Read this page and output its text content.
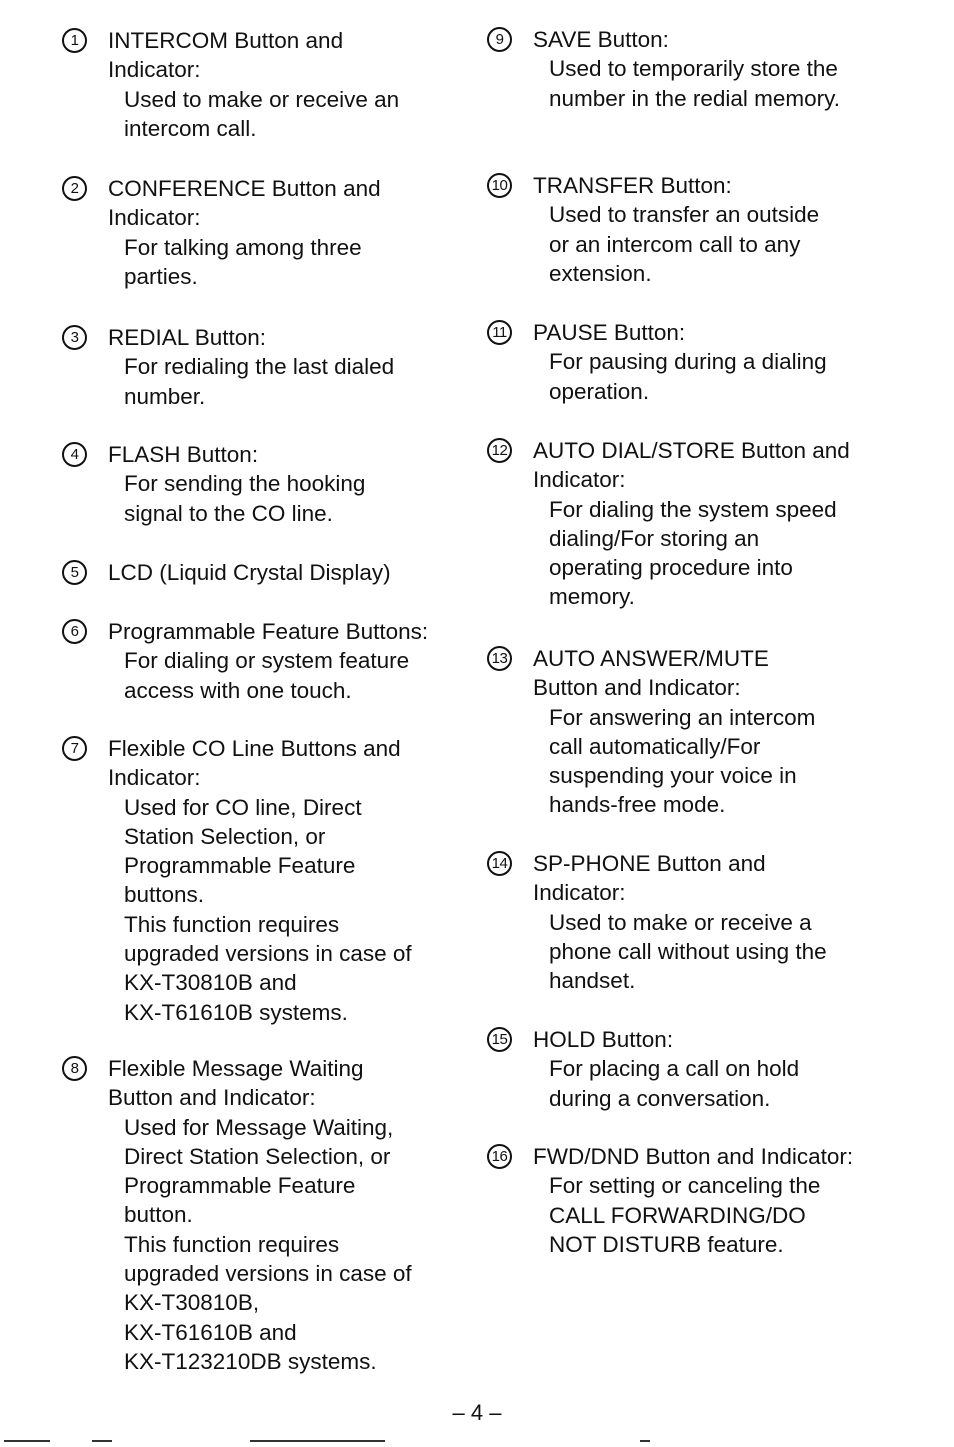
1	INTERCOM Button and
Indicator:
Used to make or receive an
intercom call.
2	CONFERENCE Button and
Indicator:
For talking among three
parties.
3	REDIAL Button:
For redialing the last dialed
number.
4	FLASH Button:
For sending the hooking
signal to the CO line.
5	LCD (Liquid Crystal Display)
6	Programmable Feature Buttons:
For dialing or system feature
access with one touch.
7	Flexible CO Line Buttons and
Indicator:
Used for CO line, Direct
Station Selection, or
Programmable Feature
buttons.
This function requires
upgraded versions in case of
KX-T30810B and
KX-T61610B systems.
8	Flexible Message Waiting
Button and Indicator:
Used for Message Waiting,
Direct Station Selection, or
Programmable Feature
button.
This function requires
upgraded versions in case of
KX-T30810B,
KX-T61610B and
KX-T123210DB systems.
9	SAVE Button:
Used to temporarily store the
number in the redial memory.
10 TRANSFER Button:
Used to transfer an outside
or an intercom call to any
extension.
11 PAUSE Button:
For pausing during a dialing
operation.
12 AUTO DIAL/STORE Button and
Indicator:
For dialing the system speed
dialing/For storing an
operating procedure into
memory.
13 AUTO ANSWER/MUTE
Button and Indicator:
For answering an intercom
call automatically/For
suspending your voice in
hands-free mode.
14 SP-PHONE Button and
Indicator:
Used to make or receive a
phone call without using the
handset.
15 HOLD Button:
For placing a call on hold
during a conversation.
16 FWD/DND Button and Indicator:
For setting or canceling the
CALL FORWARDING/DO
NOT DISTURB feature.
– 4 –
